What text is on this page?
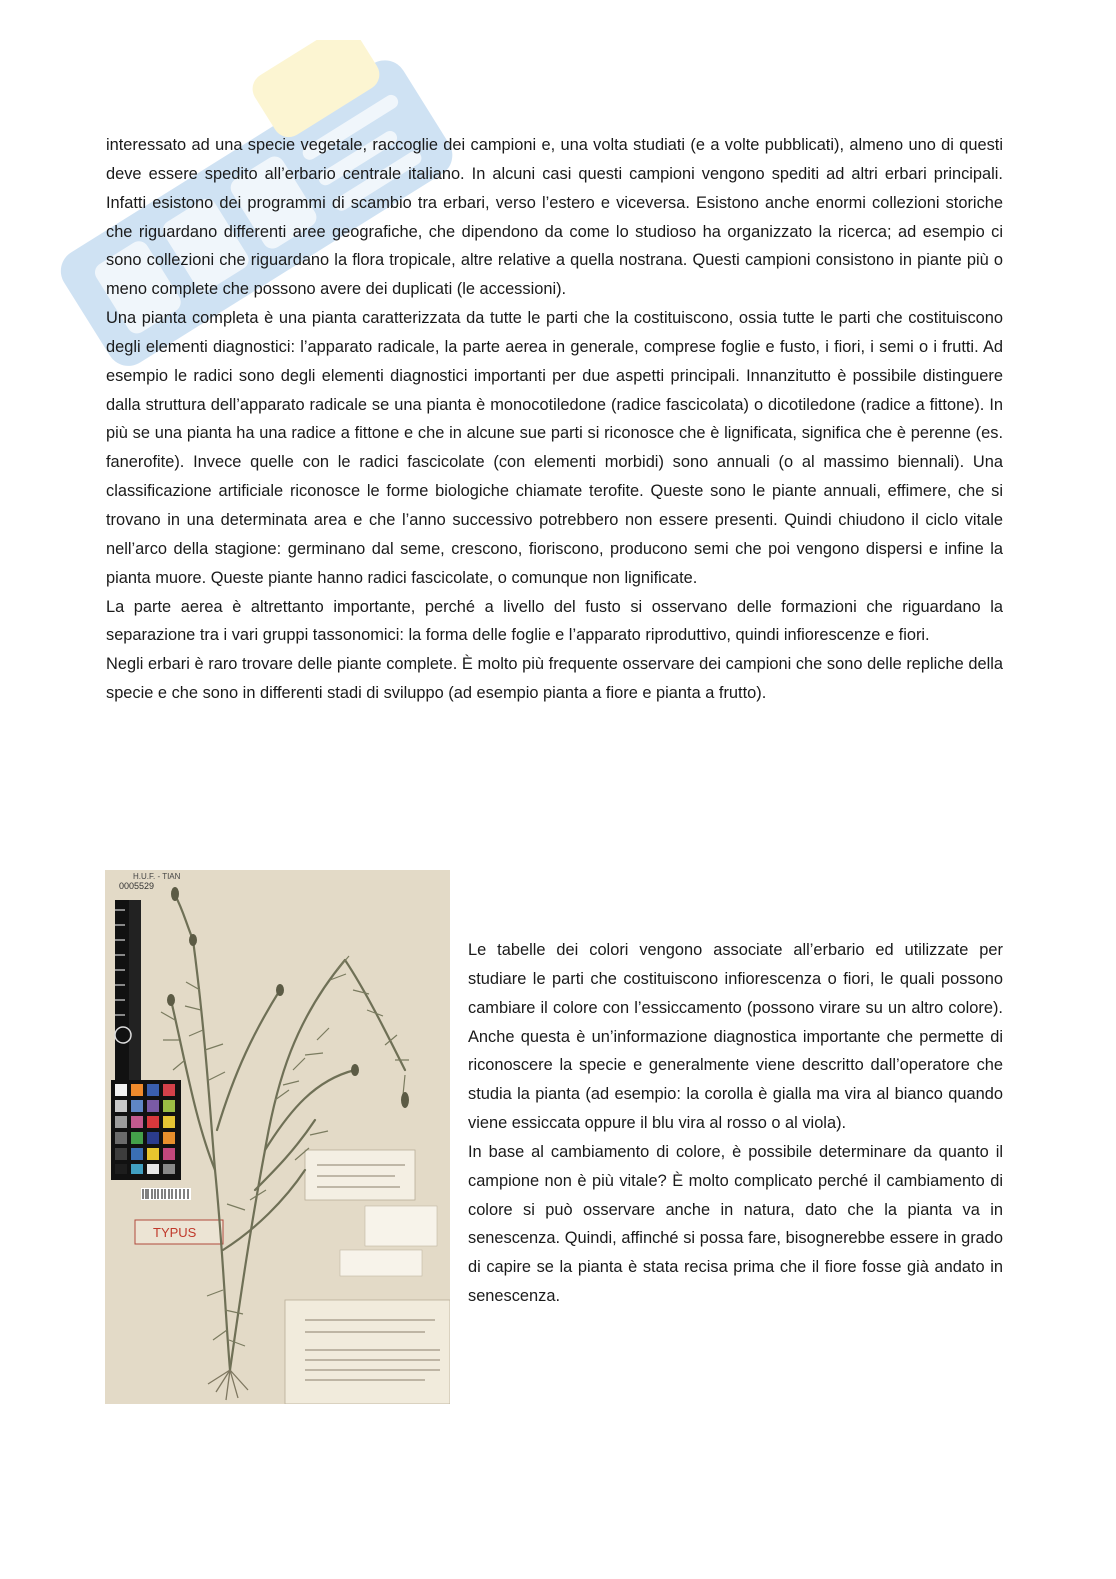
interessato ad una specie vegetale, raccoglie dei campioni e, una volta studiati (e a volte pubblicati), almeno uno di questi deve essere spedito all’erbario centrale italiano. In alcuni casi questi campioni vengono spediti ad altri erbari principali. Infatti esistono dei programmi di scambio tra erbari, verso l’estero e viceversa. Esistono anche enormi collezioni storiche che riguardano differenti aree geografiche, che dipendono da come lo studioso ha organizzato la ricerca; ad esempio ci sono collezioni che riguardano la flora tropicale, altre relative a quella nostrana. Questi campioni consistono in piante più o meno complete che possono avere dei duplicati (le accessioni).

Una pianta completa è una pianta caratterizzata da tutte le parti che la costituiscono, ossia tutte le parti che costituiscono degli elementi diagnostici: l’apparato radicale, la parte aerea in generale, comprese foglie e fusto, i fiori, i semi o i frutti. Ad esempio le radici sono degli elementi diagnostici importanti per due aspetti principali. Innanzitutto è possibile distinguere dalla struttura dell’apparato radicale se una pianta è monocotiledone (radice fascicolata) o dicotiledone (radice a fittone). In più se una pianta ha una radice a fittone e che in alcune sue parti si riconosce che è lignificata, significa che è perenne (es. fanerofite). Invece quelle con le radici fascicolate (con elementi morbidi) sono annuali (o al massimo biennali). Una classificazione artificiale riconosce le forme biologiche chiamate terofite. Queste sono le piante annuali, effimere, che si trovano in una determinata area e che l’anno successivo potrebbero non essere presenti. Quindi chiudono il ciclo vitale nell’arco della stagione: germinano dal seme, crescono, fioriscono, producono semi che poi vengono dispersi e infine la pianta muore. Queste piante hanno radici fascicolate, o comunque non lignificate.

La parte aerea è altrettanto importante, perché a livello del fusto si osservano delle formazioni che riguardano la separazione tra i vari gruppi tassonomici: la forma delle foglie e l’apparato riproduttivo, quindi infiorescenze e fiori.

Negli erbari è raro trovare delle piante complete. È molto più frequente osservare dei campioni che sono delle repliche della specie e che sono in differenti stadi di sviluppo (ad esempio pianta a fiore e pianta a frutto).

H.U.F. - TIAN
0005529
TYPUS

Le tabelle dei colori vengono associate all’erbario ed utilizzate per studiare le parti che costituiscono infiorescenza o fiori, le quali possono cambiare il colore con l’essiccamento (possono virare su un altro colore). Anche questa è un’informazione diagnostica importante che permette di riconoscere la specie e generalmente viene descritto dall’operatore che studia la pianta (ad esempio: la corolla è gialla ma vira al bianco quando viene essiccata oppure il blu vira al rosso o al viola).

In base al cambiamento di colore, è possibile determinare da quanto il campione non è più vitale? È molto complicato perché il cambiamento di colore si può osservare anche in natura, dato che la pianta va in senescenza. Quindi, affinché si possa fare, bisognerebbe essere in grado di capire se la pianta è stata recisa prima che il fiore fosse già andato in senescenza.
